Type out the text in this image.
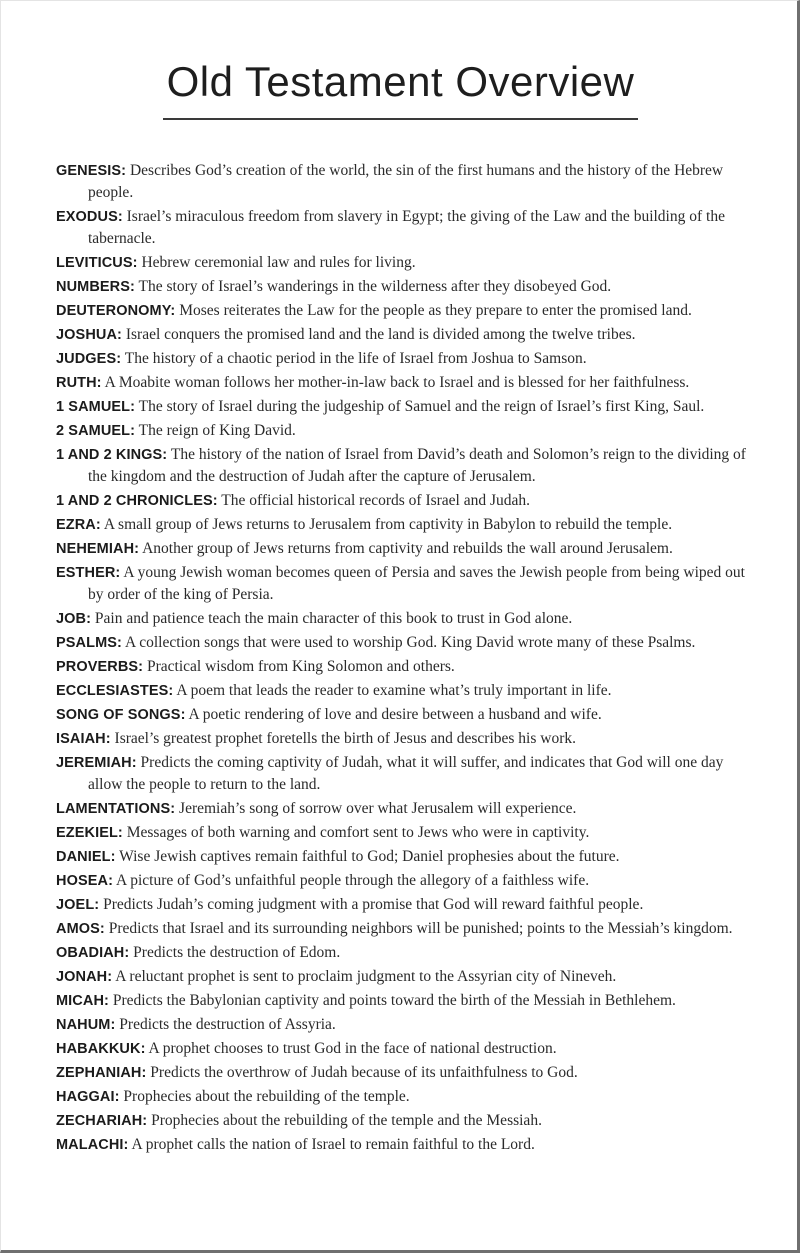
Old Testament Overview

GENESIS: Describes God’s creation of the world, the sin of the first humans and the history of the Hebrew people.

EXODUS: Israel’s miraculous freedom from slavery in Egypt; the giving of the Law and the building of the tabernacle.

LEVITICUS: Hebrew ceremonial law and rules for living.

NUMBERS: The story of Israel’s wanderings in the wilderness after they disobeyed God.

DEUTERONOMY: Moses reiterates the Law for the people as they prepare to enter the promised land.

JOSHUA: Israel conquers the promised land and the land is divided among the twelve tribes.

JUDGES: The history of a chaotic period in the life of Israel from Joshua to Samson.

RUTH: A Moabite woman follows her mother-in-law back to Israel and is blessed for her faithfulness.

1 SAMUEL: The story of Israel during the judgeship of Samuel and the reign of Israel’s first King, Saul.

2 SAMUEL: The reign of King David.

1 AND 2 KINGS: The history of the nation of Israel from David’s death and Solomon’s reign to the dividing of the kingdom and the destruction of Judah after the capture of Jerusalem.

1 AND 2 CHRONICLES: The official historical records of Israel and Judah.

EZRA: A small group of Jews returns to Jerusalem from captivity in Babylon to rebuild the temple.

NEHEMIAH: Another group of Jews returns from captivity and rebuilds the wall around Jerusalem.

ESTHER: A young Jewish woman becomes queen of Persia and saves the Jewish people from being wiped out by order of the king of Persia.

JOB: Pain and patience teach the main character of this book to trust in God alone.

PSALMS: A collection songs that were used to worship God. King David wrote many of these Psalms.

PROVERBS: Practical wisdom from King Solomon and others.

ECCLESIASTES: A poem that leads the reader to examine what’s truly important in life.

SONG OF SONGS: A poetic rendering of love and desire between a husband and wife.

ISAIAH: Israel’s greatest prophet foretells the birth of Jesus and describes his work.

JEREMIAH: Predicts the coming captivity of Judah, what it will suffer, and indicates that God will one day allow the people to return to the land.

LAMENTATIONS: Jeremiah’s song of sorrow over what Jerusalem will experience.

EZEKIEL: Messages of both warning and comfort sent to Jews who were in captivity.

DANIEL: Wise Jewish captives remain faithful to God; Daniel prophesies about the future.

HOSEA: A picture of God’s unfaithful people through the allegory of a faithless wife.

JOEL: Predicts Judah’s coming judgment with a promise that God will reward faithful people.

AMOS: Predicts that Israel and its surrounding neighbors will be punished; points to the Messiah’s kingdom.

OBADIAH: Predicts the destruction of Edom.

JONAH: A reluctant prophet is sent to proclaim judgment to the Assyrian city of Nineveh.

MICAH: Predicts the Babylonian captivity and points toward the birth of the Messiah in Bethlehem.

NAHUM: Predicts the destruction of Assyria.

HABAKKUK: A prophet chooses to trust God in the face of national destruction.

ZEPHANIAH: Predicts the overthrow of Judah because of its unfaithfulness to God.

HAGGAI: Prophecies about the rebuilding of the temple.

ZECHARIAH: Prophecies about the rebuilding of the temple and the Messiah.

MALACHI: A prophet calls the nation of Israel to remain faithful to the Lord.
